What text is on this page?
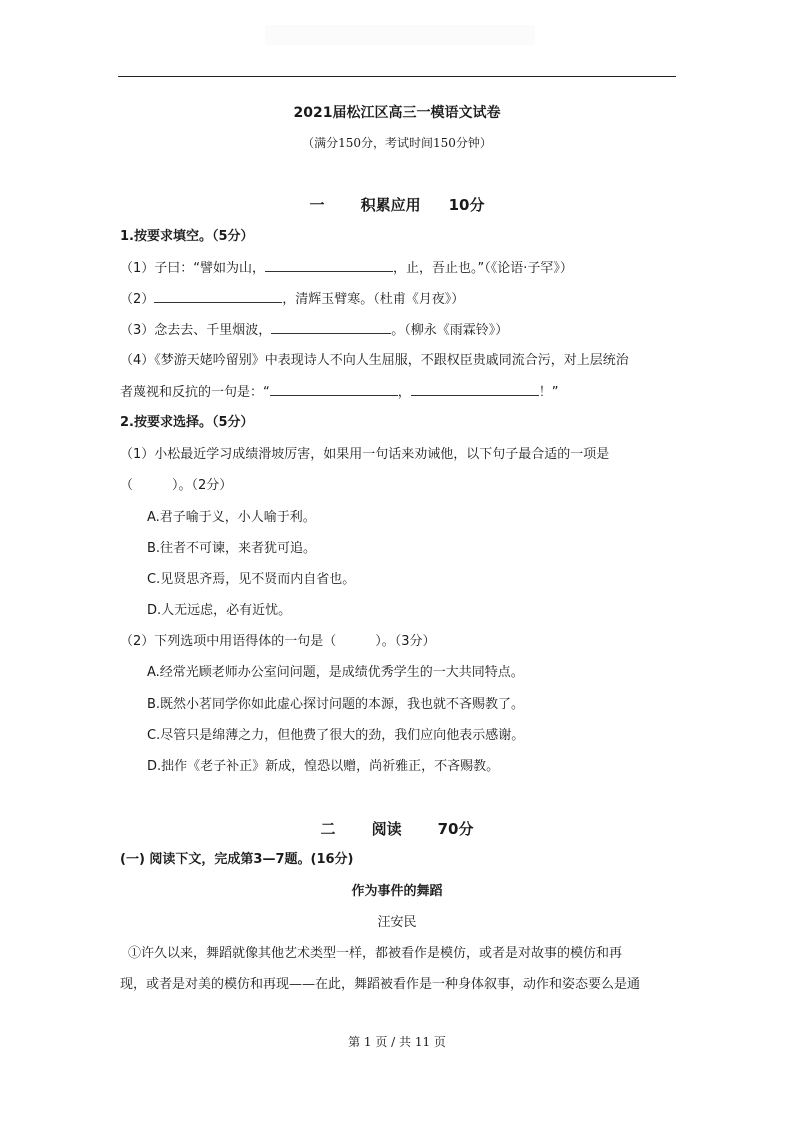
2021届松江区高三一模语文试卷
（满分150分，考试时间150分钟）
一 积累应用 10分
1.按要求填空。（5分）
（1）子曰：“譬如为山，	，止，吾止也。”（《论语·子罕》）
（2）	，清辉玉臂寒。（杜甫《月夜》）
（3）念去去、千里烟波，	。（柳永《雨霖铃》）
（4）《梦游天姥吟留别》中表现诗人不向人生屈服，不跟权臣贵戚同流合污，对上层统治
者蔑视和反抗的一句是：“	，	！”
2.按要求选择。（5分）
（1）小松最近学习成绩滑坡厉害，如果用一句话来劝诫他，以下句子最合适的一项是
（　　　）。（2分）
A.君子喻于义，小人喻于利。
B.往者不可谏，来者犹可追。
C.见贤思齐焉，见不贤而内自省也。
D.人无远虑，必有近忧。
（2）下列选项中用语得体的一句是（　　　）。（3分）
A.经常光顾老师办公室问问题，是成绩优秀学生的一大共同特点。
B.既然小茗同学你如此虚心探讨问题的本源，我也就不吝赐教了。
C.尽管只是绵薄之力，但他费了很大的劲，我们应向他表示感谢。
D.拙作《老子补正》新成，惶恐以赠，尚祈雅正，不吝赐教。
二 阅读 70分
(一) 阅读下文，完成第3—7题。(16分)
作为事件的舞蹈
汪安民
①许久以来，舞蹈就像其他艺术类型一样，都被看作是模仿，或者是对故事的模仿和再
现，或者是对美的模仿和再现——在此，舞蹈被看作是一种身体叙事，动作和姿态要么是通
第 1 页 / 共 11 页
